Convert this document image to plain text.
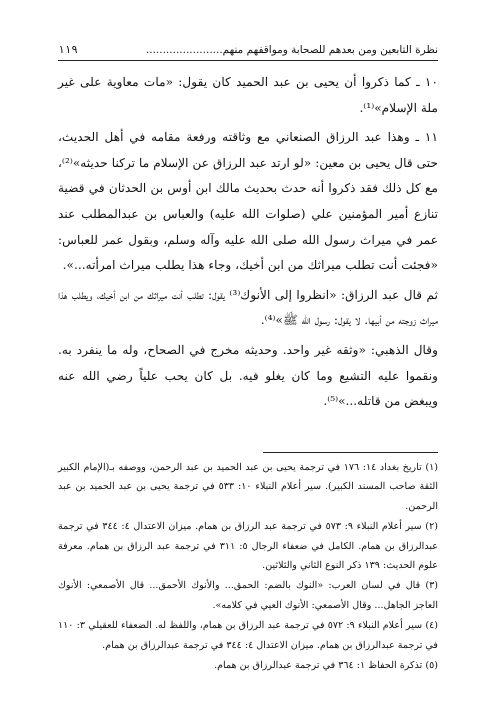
نظرة التابعين ومن بعدهم للصحابة ومواقفهم منهم.......................
١١٩

١٠ ـ كما ذكروا أن يحيى بن عبد الحميد كان يقول: «مات معاوية على غير ملة الإسلام»⁽¹⁾.

١١ ـ وهذا عبد الرزاق الصنعاني مع وثاقته ورفعة مقامه في أهل الحديث، حتى قال يحيى بن معين: «لو ارتد عبد الرزاق عن الإسلام ما تركنا حديثه»⁽²⁾، مع كل ذلك فقد ذكروا أنه حدث بحديث مالك ابن أوس بن الحدثان في قضية تنازع أمير المؤمنين علي (صلوات الله عليه) والعباس بن عبدالمطلب عند عمر في ميراث رسول الله صلى الله عليه وآله وسلم، وبقول عمر للعباس: «فجئت أنت تطلب ميراثك من ابن أخيك، وجاء هذا يطلب ميراث امرأته...».

ثم قال عبد الرزاق: «انظروا إلى الأنوك⁽³⁾ يقول: تطلب أنت ميراثك من ابن أخيك، ويطلب هذا ميراث زوجته من أبيها. لا يقول: رسول الله ﷺ»⁽⁴⁾.

وقال الذهبي: «وثقه غير واحد. وحديثه مخرج في الصحاح، وله ما ينفرد به. ونقموا عليه التشيع وما كان يغلو فيه. بل كان يحب علياً رضي الله عنه ويبغض من قاتله...»⁽⁵⁾.

(١) تاريخ بغداد ١٤: ١٧٦ في ترجمة يحيى بن عبد الحميد بن عبد الرحمن، ووصفه بـ(الإمام الكبير الثقة صاحب المسند الكبير). سير أعلام النبلاء ١٠: ٥٣٣ في ترجمة يحيى بن عبد الحميد بن عبد الرحمن.

(٢) سير أعلام النبلاء ٩: ٥٧٣ في ترجمة عبد الرزاق بن همام. ميزان الاعتدال ٤: ٣٤٤ في ترجمة عبدالرزاق بن همام. الكامل في ضعفاء الرجال ٥: ٣١١ في ترجمة عبد الرزاق بن همام. معرفة علوم الحديث: ١٣٩ ذكر النوع الثاني والثلاثين.

(٣) قال في لسان العرب: «النوك بالضم: الحمق... والأنوك الأحمق... قال الأصمعي: الأنوك العاجز الجاهل... وقال الأصمعي: الأنوك العيي في كلامه».

(٤) سير أعلام النبلاء ٩: ٥٧٢ في ترجمة عبد الرزاق بن همام، واللفظ له. الضعفاء للعقيلي ٣: ١١٠ في ترجمة عبدالرزاق بن همام. ميزان الاعتدال ٤: ٣٤٤ في ترجمة عبدالرزاق بن همام.

(٥) تذكرة الحفاظ ١: ٣٦٤ في ترجمة عبدالرزاق بن همام.
